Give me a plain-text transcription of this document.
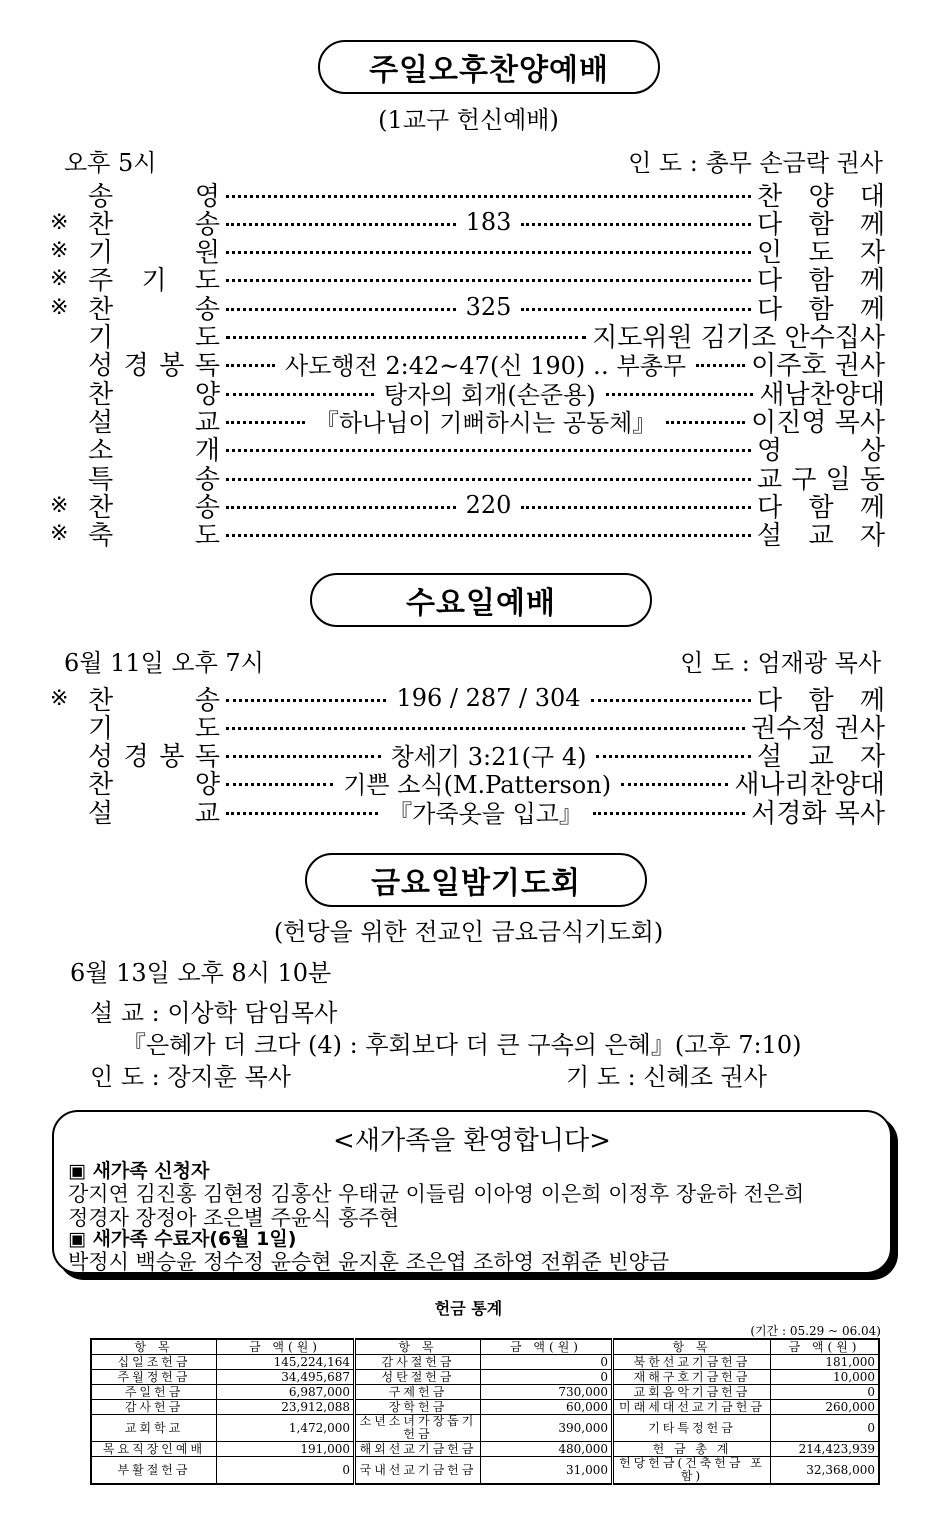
주일오후찬양예배
(1교구 헌신예배)
오후 5시	인 도 : 총무 손금락 권사
송	영	찬 양 대
※ 찬	송	183	다 함 께
※ 기	원	인 도 자
※ 주 기 도	다 함 께
※ 찬	송	325	다 함 께
기	도	지도위원 김기조 안수집사
성 경 봉 독	사도행전 2:42~47(신 190) ‥ 부총무	이주호 권사
찬	양	탕자의 회개(손준용)	새남찬양대
설	교	『하나님이 기뻐하시는 공동체』	이진영 목사
소	개	영	상
특	송	교 구 일 동
※ 찬	송	220	다 함 께
※ 축	도	설 교 자
수요일예배
6월 11일 오후 7시	인 도 : 엄재광 목사
※ 찬	송	196 / 287 / 304	다 함 께
기	도	권수정 권사
성 경 봉 독	창세기 3:21(구 4)	설 교 자
찬	양	기쁜 소식(M.Patterson)	새나리찬양대
설	교	『가죽옷을 입고』	서경화 목사
금요일밤기도회
(헌당을 위한 전교인 금요금식기도회)
6월 13일 오후 8시 10분
설 교 : 이상학 담임목사
『은혜가 더 크다 (4) : 후회보다 더 큰 구속의 은혜』(고후 7:10)
인 도 : 장지훈 목사	기 도 : 신혜조 권사
<새가족을 환영합니다>
▣ 새가족 신청자
강지연 김진홍 김현정 김홍산 우태균 이들림 이아영 이은희 이정후 장윤하 전은희
정경자 장정아 조은별 주윤식 홍주현
▣ 새가족 수료자(6월 1일)
박정시 백승윤 정수정 윤승현 윤지훈 조은엽 조하영 전휘준 빈양금
헌금 통계
(기간 : 05.29 ~ 06.04)
항 목	금 액(원)	항 목	금 액(원)	항 목	금 액(원)
십일조헌금	145,224,164	감사절헌금	0	북한선교기금헌금	181,000
주월정헌금	34,495,687	성탄절헌금	0	재해구호기금헌금	10,000
주일헌금	6,987,000	구제헌금	730,000	교회음악기금헌금	0
감사헌금	23,912,088	장학헌금	60,000	미래세대선교기금헌금	260,000
교회학교	1,472,000	소년소녀가장돕기헌금	390,000	기타특정헌금	0
목요직장인예배	191,000	해외선교기금헌금	480,000	헌 금 총 계	214,423,939
부활절헌금	0	국내선교기금헌금	31,000	헌당헌금(건축헌금 포함)	32,368,000
